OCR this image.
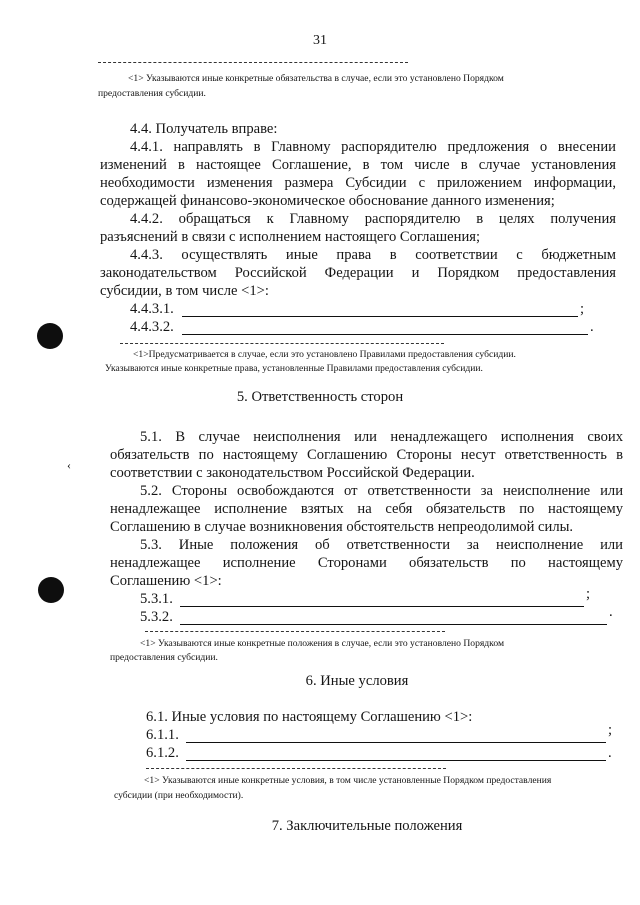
31
<1> Указываются иные конкретные обязательства в случае, если это установлено Порядком
предоставления субсидии.
4.4. Получатель вправе:
4.4.1. направлять в Главному распорядителю предложения о внесении
изменений в настоящее Соглашение, в том числе в случае установления
необходимости изменения размера Субсидии с приложением информации,
содержащей финансово-экономическое обоснование данного изменения;
4.4.2. обращаться к Главному распорядителю в целях получения
разъяснений в связи с исполнением настоящего Соглашения;
4.4.3. осуществлять иные права в соответствии с бюджетным
законодательством Российской Федерации и Порядком предоставления
субсидии, в том числе <1>:
4.4.3.1.	;
4.4.3.2.	.
<1>Предусматривается в случае, если это установлено Правилами предоставления субсидии.
Указываются иные конкретные права, установленные Правилами предоставления субсидии.
5. Ответственность сторон
5.1. В случае неисполнения или ненадлежащего исполнения своих
обязательств по настоящему Соглашению Стороны несут ответственность в
соответствии с законодательством Российской Федерации.
5.2. Стороны освобождаются от ответственности за неисполнение или
ненадлежащее исполнение взятых на себя обязательств по настоящему
Соглашению в случае возникновения обстоятельств непреодолимой силы.
5.3. Иные положения об ответственности за неисполнение или
ненадлежащее исполнение Сторонами обязательств по настоящему
Соглашению <1>:
5.3.1.	;
5.3.2.	.
<1> Указываются иные конкретные положения в случае, если это установлено Порядком
предоставления субсидии.
6. Иные условия
6.1. Иные условия по настоящему Соглашению <1>:
6.1.1.	;
6.1.2.	.
<1> Указываются иные конкретные условия, в том числе установленные Порядком предоставления
субсидии (при необходимости).
7. Заключительные положения
‹
